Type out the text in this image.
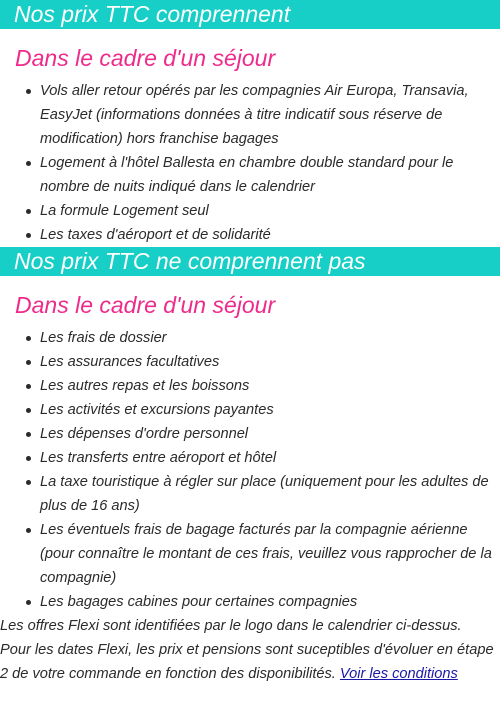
Nos prix TTC comprennent
Dans le cadre d'un séjour
Vols aller retour opérés par les compagnies Air Europa, Transavia, EasyJet (informations données à titre indicatif sous réserve de modification) hors franchise bagages
Logement à l'hôtel Ballesta en chambre double standard pour le nombre de nuits indiqué dans le calendrier
La formule Logement seul
Les taxes d'aéroport et de solidarité
Nos prix TTC ne comprennent pas
Dans le cadre d'un séjour
Les frais de dossier
Les assurances facultatives
Les autres repas et les boissons
Les activités et excursions payantes
Les dépenses d'ordre personnel
Les transferts entre aéroport et hôtel
La taxe touristique à régler sur place (uniquement pour les adultes de plus de 16 ans)
Les éventuels frais de bagage facturés par la compagnie aérienne (pour connaître le montant de ces frais, veuillez vous rapprocher de la compagnie)
Les bagages cabines pour certaines compagnies

Les offres Flexi sont identifiées par le logo dans le calendrier ci-dessus. Pour les dates Flexi, les prix et pensions sont suceptibles d'évoluer en étape 2 de votre commande en fonction des disponibilités. Voir les conditions
